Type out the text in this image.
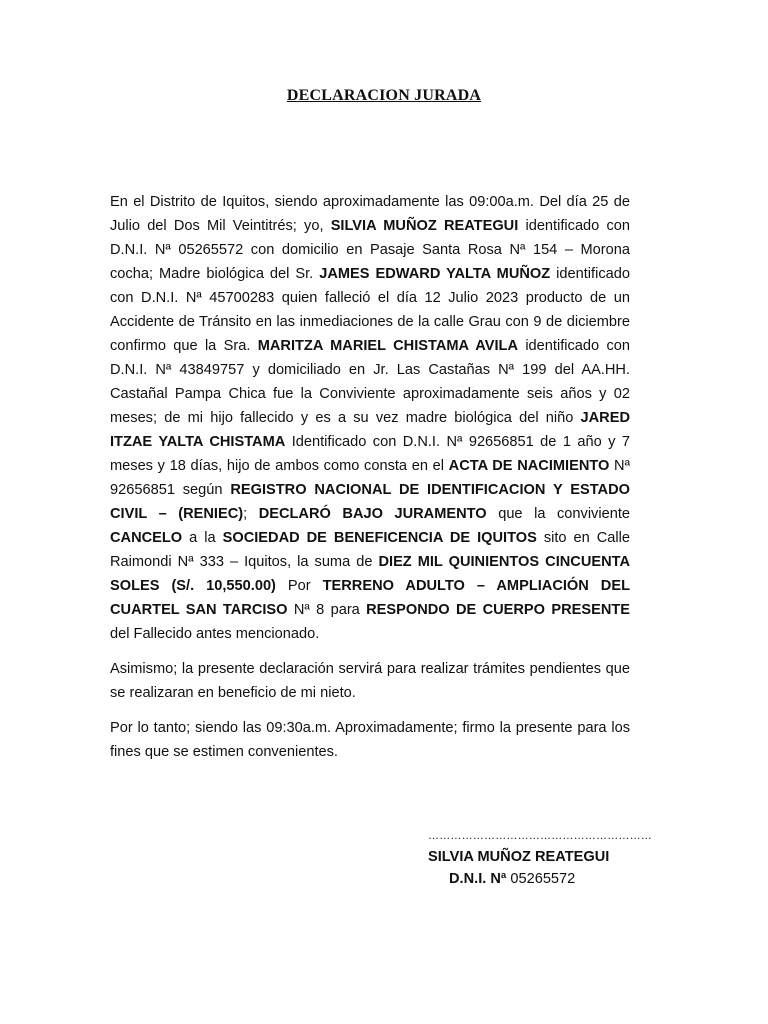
DECLARACION JURADA

En el Distrito de Iquitos, siendo aproximadamente las 09:00a.m. Del día 25 de Julio del Dos Mil Veintitrés; yo, SILVIA MUÑOZ REATEGUI identificado con D.N.I. Nª 05265572 con domicilio en Pasaje Santa Rosa Nª 154 – Morona cocha; Madre biológica del Sr. JAMES EDWARD YALTA MUÑOZ identificado con D.N.I. Nª 45700283 quien falleció el día 12 Julio 2023 producto de un Accidente de Tránsito en las inmediaciones de la calle Grau con 9 de diciembre confirmo que la Sra. MARITZA MARIEL CHISTAMA AVILA identificado con D.N.I. Nª 43849757 y domiciliado en Jr. Las Castañas Nª 199 del AA.HH. Castañal Pampa Chica fue la Conviviente aproximadamente seis años y 02 meses; de mi hijo fallecido y es a su vez madre biológica del niño JARED ITZAE YALTA CHISTAMA Identificado con D.N.I. Nª 92656851 de 1 año y 7 meses y 18 días, hijo de ambos como consta en el ACTA DE NACIMIENTO Nª 92656851 según REGISTRO NACIONAL DE IDENTIFICACION Y ESTADO CIVIL – (RENIEC); DECLARÓ BAJO JURAMENTO que la conviviente CANCELO a la SOCIEDAD DE BENEFICENCIA DE IQUITOS sito en Calle Raimondi Nª 333 – Iquitos, la suma de DIEZ MIL QUINIENTOS CINCUENTA SOLES (S/. 10,550.00) Por TERRENO ADULTO – AMPLIACIÓN DEL CUARTEL SAN TARCISO Nª 8 para RESPONDO DE CUERPO PRESENTE del Fallecido antes mencionado.

Asimismo; la presente declaración servirá para realizar trámites pendientes que se realizaran en beneficio de mi nieto.

Por lo tanto; siendo las 09:30a.m. Aproximadamente; firmo la presente para los fines que se estimen convenientes.

……………………………………………………
SILVIA MUÑOZ REATEGUI
D.N.I. Nª 05265572
